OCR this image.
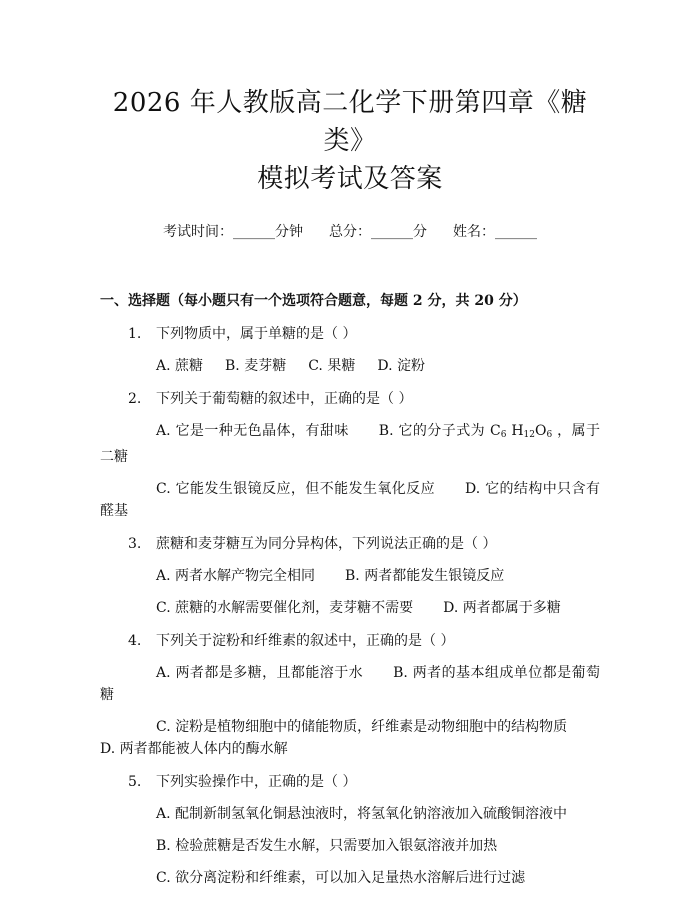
2026 年人教版高二化学下册第四章《糖类》
模拟考试及答案
考试时间：______分钟 总分：______分 姓名：______
一、选择题（每小题只有一个选项符合题意，每题 2 分，共 20 分）
1. 下列物质中，属于单糖的是（ ）
A. 蔗糖 B. 麦芽糖 C. 果糖 D. 淀粉
2. 下列关于葡萄糖的叙述中，正确的是（ ）
A. 它是一种无色晶体，有甜味 B. 它的分子式为 $C_6$ $H_{12}O_6$ ，属于二糖
C. 它能发生银镜反应，但不能发生氧化反应 D. 它的结构中只含有醛基
3. 蔗糖和麦芽糖互为同分异构体，下列说法正确的是（ ）
A. 两者水解产物完全相同 B. 两者都能发生银镜反应
C. 蔗糖的水解需要催化剂，麦芽糖不需要 D. 两者都属于多糖
4. 下列关于淀粉和纤维素的叙述中，正确的是（ ）
A. 两者都是多糖，且都能溶于水 B. 两者的基本组成单位都是葡萄糖
C. 淀粉是植物细胞中的储能物质，纤维素是动物细胞中的结构物质
D. 两者都能被人体内的酶水解
5. 下列实验操作中，正确的是（ ）
A. 配制新制氢氧化铜悬浊液时，将氢氧化钠溶液加入硫酸铜溶液中
B. 检验蔗糖是否发生水解，只需要加入银氨溶液并加热
C. 欲分离淀粉和纤维素，可以加入足量热水溶解后进行过滤
